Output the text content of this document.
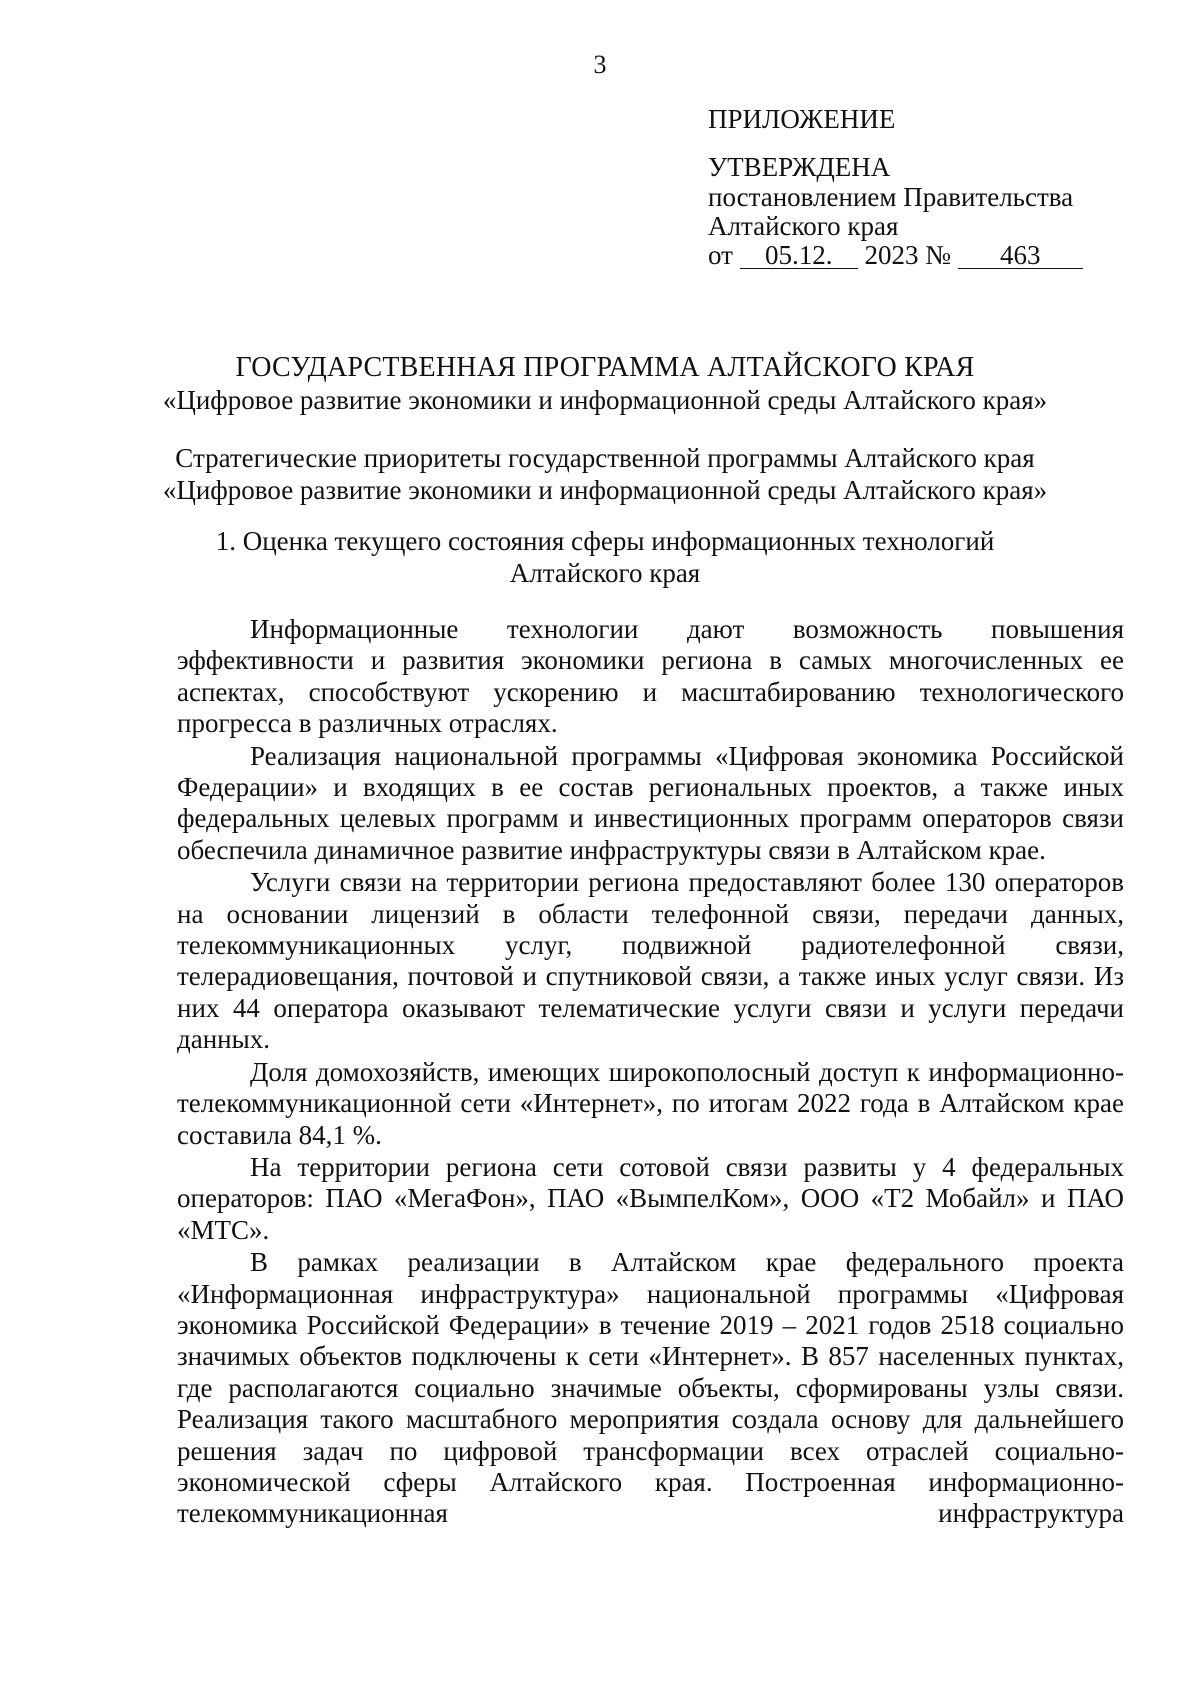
3
ПРИЛОЖЕНИЕ
УТВЕРЖДЕНА
постановлением Правительства
Алтайского края
от 05.12. 2023 № 463
ГОСУДАРСТВЕННАЯ ПРОГРАММА АЛТАЙСКОГО КРАЯ
«Цифровое развитие экономики и информационной среды Алтайского края»
Стратегические приоритеты государственной программы Алтайского края
«Цифровое развитие экономики и информационной среды Алтайского края»
1. Оценка текущего состояния сферы информационных технологий
Алтайского края

Информационные технологии дают возможность повышения эффективности и развития экономики региона в самых многочисленных ее аспектах, способствуют ускорению и масштабированию технологического прогресса в различных отраслях.

Реализация национальной программы «Цифровая экономика Российской Федерации» и входящих в ее состав региональных проектов, а также иных федеральных целевых программ и инвестиционных программ операторов связи обеспечила динамичное развитие инфраструктуры связи в Алтайском крае.

Услуги связи на территории региона предоставляют более 130 операторов на основании лицензий в области телефонной связи, передачи данных, телекоммуникационных услуг, подвижной радиотелефонной связи, телерадиовещания, почтовой и спутниковой связи, а также иных услуг связи. Из них 44 оператора оказывают телематические услуги связи и услуги передачи данных.

Доля домохозяйств, имеющих широкополосный доступ к информационно-телекоммуникационной сети «Интернет», по итогам 2022 года в Алтайском крае составила 84,1 %.

На территории региона сети сотовой связи развиты у 4 федеральных операторов: ПАО «МегаФон», ПАО «ВымпелКом», ООО «Т2 Мобайл» и ПАО «МТС».

В рамках реализации в Алтайском крае федерального проекта «Информационная инфраструктура» национальной программы «Цифровая экономика Российской Федерации» в течение 2019 – 2021 годов 2518 социально значимых объектов подключены к сети «Интернет». В 857 населенных пунктах, где располагаются социально значимые объекты, сформированы узлы связи. Реализация такого масштабного мероприятия создала основу для дальнейшего решения задач по цифровой трансформации всех отраслей социально-экономической сферы Алтайского края. Построенная информационно-телекоммуникационная инфраструктура
